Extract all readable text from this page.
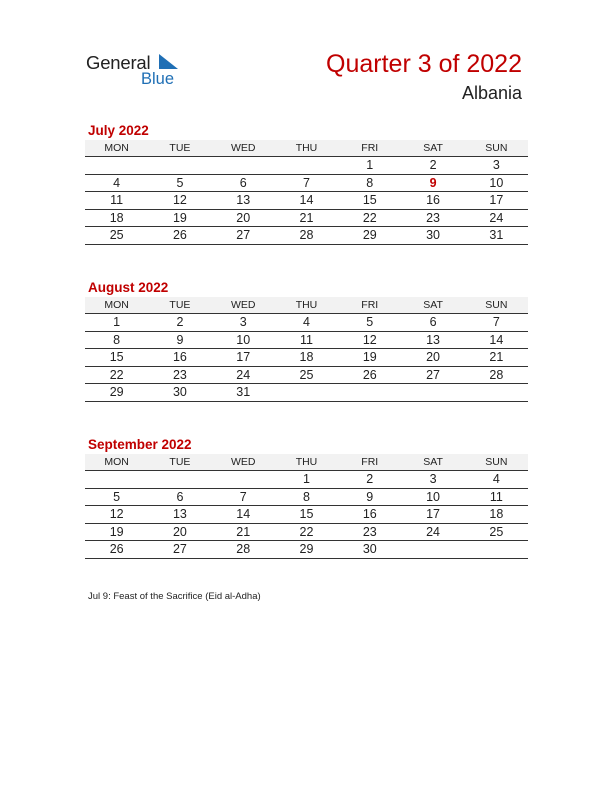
General
Blue
Quarter 3 of 2022
Albania
July 2022
MON	TUE	WED	THU	FRI	SAT	SUN
				1	2	3
4	5	6	7	8	9	10
11	12	13	14	15	16	17
18	19	20	21	22	23	24
25	26	27	28	29	30	31
August 2022
MON	TUE	WED	THU	FRI	SAT	SUN
1	2	3	4	5	6	7
8	9	10	11	12	13	14
15	16	17	18	19	20	21
22	23	24	25	26	27	28
29	30	31				
September 2022
MON	TUE	WED	THU	FRI	SAT	SUN
			1	2	3	4
5	6	7	8	9	10	11
12	13	14	15	16	17	18
19	20	21	22	23	24	25
26	27	28	29	30		
Jul 9: Feast of the Sacrifice (Eid al-Adha)
